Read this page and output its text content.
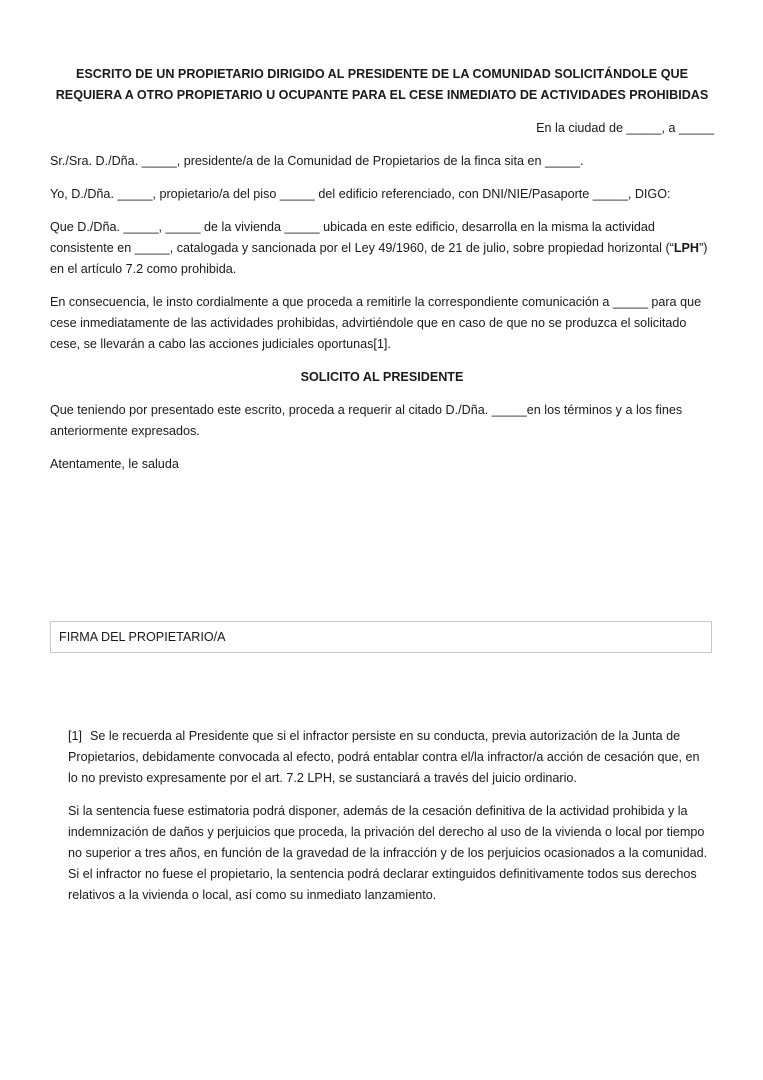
ESCRITO DE UN PROPIETARIO DIRIGIDO AL PRESIDENTE DE LA COMUNIDAD SOLICITÁNDOLE QUE REQUIERA A OTRO PROPIETARIO U OCUPANTE PARA EL CESE INMEDIATO DE ACTIVIDADES PROHIBIDAS
En la ciudad de _____, a _____

Sr./Sra. D./Dña. _____, presidente/a de la Comunidad de Propietarios de la finca sita en _____.

Yo, D./Dña. _____, propietario/a del piso _____ del edificio referenciado, con DNI/NIE/Pasaporte _____, DIGO:

Que D./Dña. _____, _____ de la vivienda _____ ubicada en este edificio, desarrolla en la misma la actividad consistente en _____, catalogada y sancionada por el Ley 49/1960, de 21 de julio, sobre propiedad horizontal (“LPH”) en el artículo 7.2 como prohibida.

En consecuencia, le insto cordialmente a que proceda a remitirle la correspondiente comunicación a _____ para que cese inmediatamente de las actividades prohibidas, advirtiéndole que en caso de que no se produzca el solicitado cese, se llevarán a cabo las acciones judiciales oportunas[1].

SOLICITO AL PRESIDENTE

Que teniendo por presentado este escrito, proceda a requerir al citado D./Dña. _____en los términos y a los fines anteriormente expresados.

Atentamente, le saluda

FIRMA DEL PROPIETARIO/A

[1] Se le recuerda al Presidente que si el infractor persiste en su conducta, previa autorización de la Junta de Propietarios, debidamente convocada al efecto, podrá entablar contra el/la infractor/a acción de cesación que, en lo no previsto expresamente por el art. 7.2 LPH, se sustanciará a través del juicio ordinario.

Si la sentencia fuese estimatoria podrá disponer, además de la cesación definitiva de la actividad prohibida y la indemnización de daños y perjuicios que proceda, la privación del derecho al uso de la vivienda o local por tiempo no superior a tres años, en función de la gravedad de la infracción y de los perjuicios ocasionados a la comunidad. Si el infractor no fuese el propietario, la sentencia podrá declarar extinguidos definitivamente todos sus derechos relativos a la vivienda o local, así como su inmediato lanzamiento.
